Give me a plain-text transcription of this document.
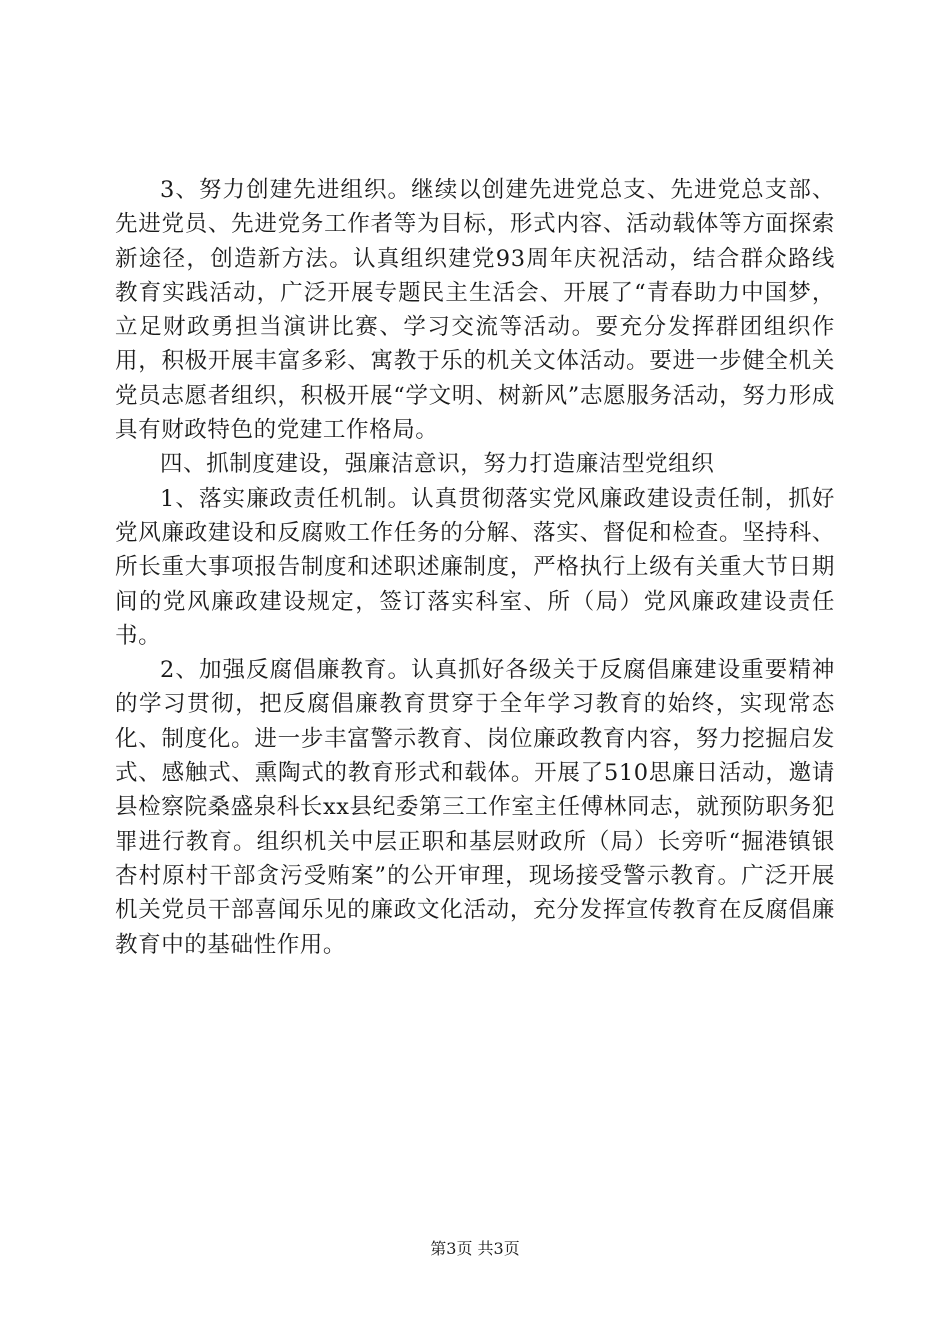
3、努力创建先进组织。继续以创建先进党总支、先进党总支部、先进党员、先进党务工作者等为目标，形式内容、活动载体等方面探索新途径，创造新方法。认真组织建党93周年庆祝活动，结合群众路线教育实践活动，广泛开展专题民主生活会、开展了“青春助力中国梦，立足财政勇担当演讲比赛、学习交流等活动。要充分发挥群团组织作用，积极开展丰富多彩、寓教于乐的机关文体活动。要进一步健全机关党员志愿者组织，积极开展“学文明、树新风”志愿服务活动，努力形成具有财政特色的党建工作格局。

四、抓制度建设，强廉洁意识，努力打造廉洁型党组织

1、落实廉政责任机制。认真贯彻落实党风廉政建设责任制，抓好党风廉政建设和反腐败工作任务的分解、落实、督促和检查。坚持科、所长重大事项报告制度和述职述廉制度，严格执行上级有关重大节日期间的党风廉政建设规定，签订落实科室、所（局）党风廉政建设责任书。

2、加强反腐倡廉教育。认真抓好各级关于反腐倡廉建设重要精神的学习贯彻，把反腐倡廉教育贯穿于全年学习教育的始终，实现常态化、制度化。进一步丰富警示教育、岗位廉政教育内容，努力挖掘启发式、感触式、熏陶式的教育形式和载体。开展了510思廉日活动，邀请县检察院桑盛泉科长xx县纪委第三工作室主任傅林同志，就预防职务犯罪进行教育。组织机关中层正职和基层财政所（局）长旁听“掘港镇银杏村原村干部贪污受贿案”的公开审理，现场接受警示教育。广泛开展机关党员干部喜闻乐见的廉政文化活动，充分发挥宣传教育在反腐倡廉教育中的基础性作用。

第3页 共3页
